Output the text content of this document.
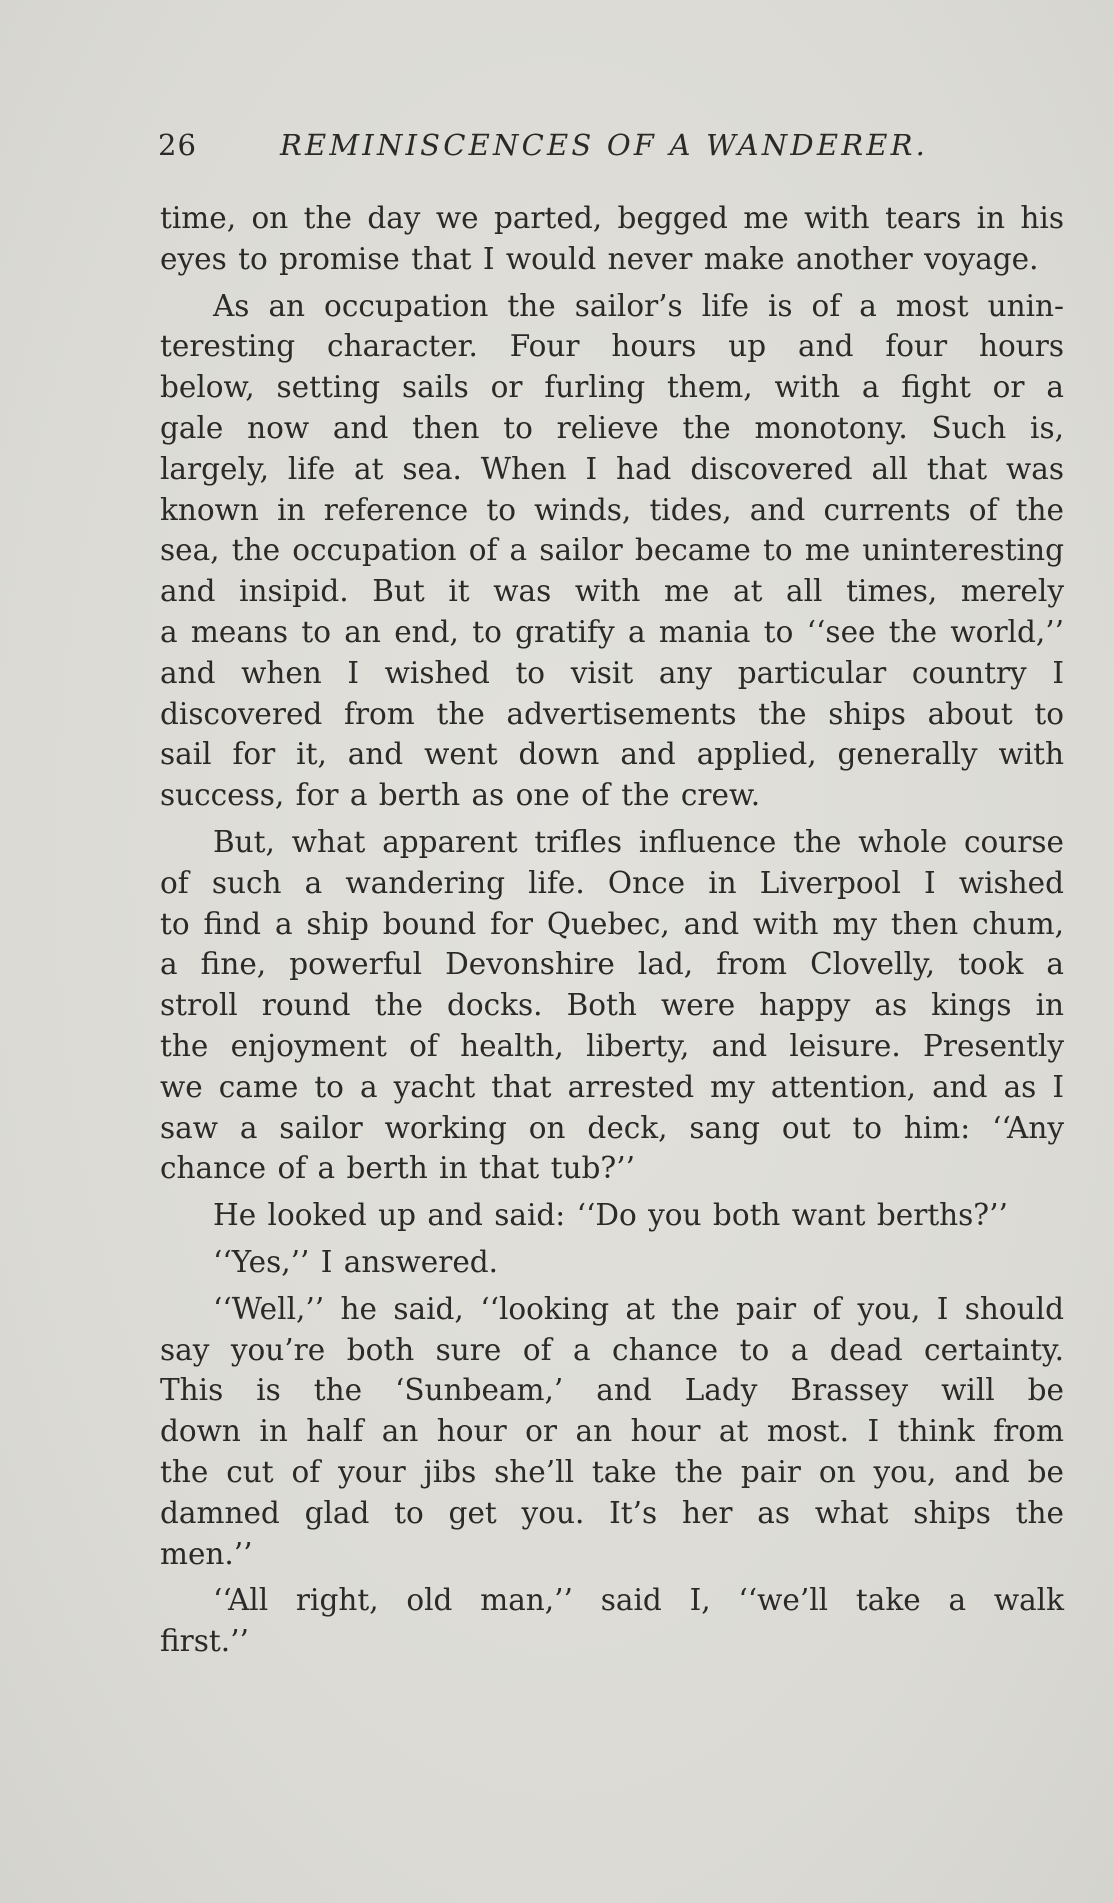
26	REMINISCENCES OF A WANDERER.
time, on the day we parted, begged me with tears in his
eyes to promise that I would never make another voyage.
As an occupation the sailor’s life is of a most unin-
teresting character. Four hours up and four hours
below, setting sails or furling them, with a fight or a
gale now and then to relieve the monotony. Such is,
largely, life at sea. When I had discovered all that was
known in reference to winds, tides, and currents of the
sea, the occupation of a sailor became to me uninteresting
and insipid. But it was with me at all times, merely
a means to an end, to gratify a mania to ‘‘see the world,’’
and when I wished to visit any particular country I
discovered from the advertisements the ships about to
sail for it, and went down and applied, generally with
success, for a berth as one of the crew.
But, what apparent trifles influence the whole course
of such a wandering life. Once in Liverpool I wished
to find a ship bound for Quebec, and with my then chum,
a fine, powerful Devonshire lad, from Clovelly, took a
stroll round the docks. Both were happy as kings in
the enjoyment of health, liberty, and leisure. Presently
we came to a yacht that arrested my attention, and as I
saw a sailor working on deck, sang out to him: ‘‘Any
chance of a berth in that tub?’’
He looked up and said: ‘‘Do you both want berths?’’
‘‘Yes,’’ I answered.
‘‘Well,’’ he said, ‘‘looking at the pair of you, I should
say you’re both sure of a chance to a dead certainty.
This is the ‘Sunbeam,’ and Lady Brassey will be
down in half an hour or an hour at most. I think from
the cut of your jibs she’ll take the pair on you, and be
damned glad to get you. It’s her as what ships the
men.’’
‘‘All right, old man,’’ said I, ‘‘we’ll take a walk
first.’’
